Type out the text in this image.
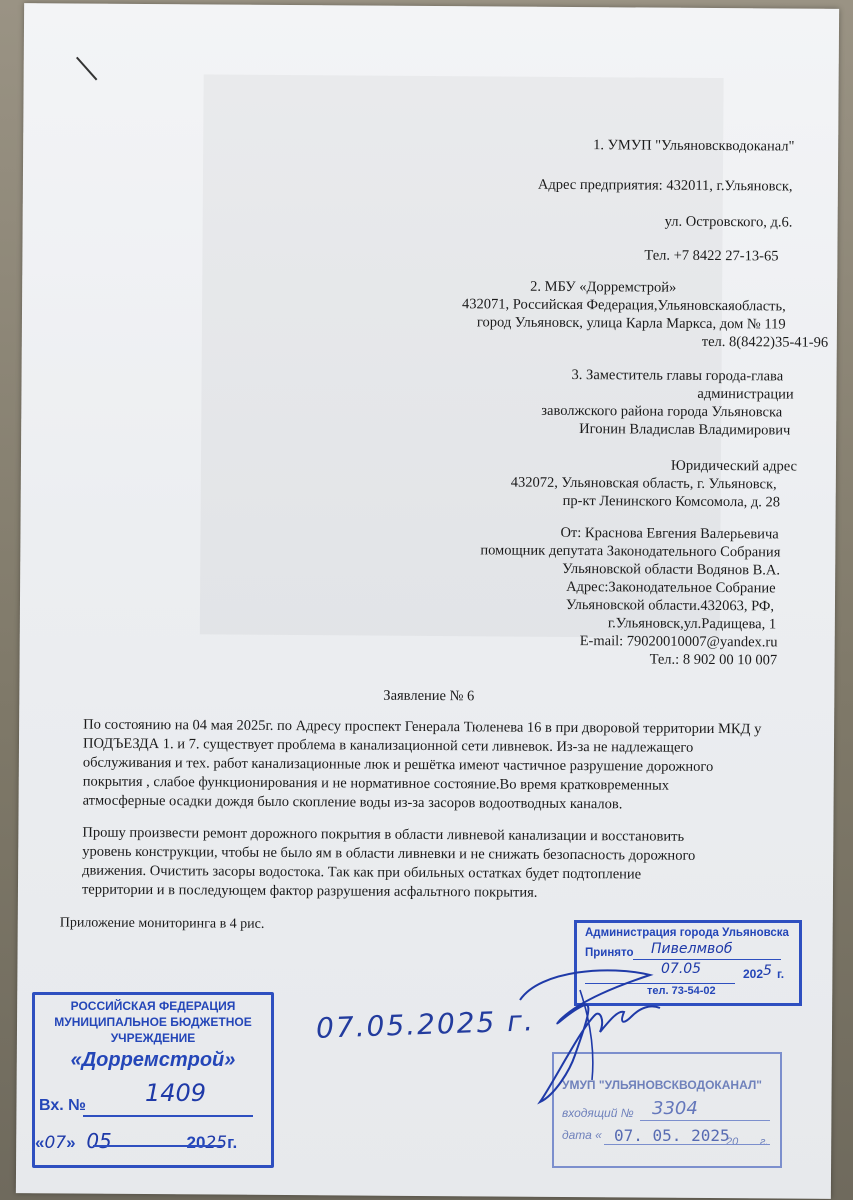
1. УМУП "Ульяновскводоканал"
Адрес предприятия: 432011, г.Ульяновск,
ул. Островского, д.6.
Тел. +7 8422 27-13-65
2. МБУ «Дорремстрой»
432071, Российская Федерация,Ульяновскаяобласть,
город Ульяновск, улица Карла Маркса, дом № 119
тел. 8(8422)35-41-96
3. Заместитель главы города-глава
администрации
заволжского района города Ульяновска
Игонин Владислав Владимирович
Юридический адрес
432072, Ульяновская область, г. Ульяновск,
пр-кт Ленинского Комсомола, д. 28
От: Краснова Евгения Валерьевича
помощник депутата Законодательного Собрания
Ульяновской области Водянов В.А.
Адрес:Законодательное Собрание
Ульяновской области.432063, РФ,
г.Ульяновск,ул.Радищева, 1
E-mail: 79020010007@yandex.ru
Тел.: 8 902 00 10 007
Заявление № 6
По состоянию на 04 мая 2025г. по Адресу проспект Генерала Тюленева 16 в при дворовой территории МКД у
ПОДЪЕЗДА 1. и 7. существует проблема в канализационной сети ливневок. Из-за не надлежащего
обслуживания и тех. работ канализационные люк и решётка имеют частичное разрушение дорожного
покрытия , слабое функционирования и не нормативное состояние.Во время кратковременных
атмосферные осадки дождя было скопление воды из-за засоров водоотводных каналов.
Прошу произвести ремонт дорожного покрытия в области ливневой канализации и восстановить
уровень конструкции, чтобы не было ям в области ливневки и не снижать безопасность дорожного
движения. Очистить засоры водостока. Так как при обильных остатках будет подтопление
территории и в последующем фактор разрушения асфальтного покрытия.
Приложение мониторинга в 4 рис.
Администрация города Ульяновска
Принято Пивелмвоб
07.05	202 5 г.
тел. 73-54-02
РОССИЙСКАЯ ФЕДЕРАЦИЯ
МУНИЦИПАЛЬНОЕ БЮДЖЕТНОЕ
УЧРЕЖДЕНИЕ
«Дорремстрой»
Вх. № 1409
«07» 05	2025г.
УМУП "УЛЬЯНОВСКВОДОКАНАЛ"
входящий № 3304
дата « 07. 05. 2025
20 г.
07.05.2025 г.
